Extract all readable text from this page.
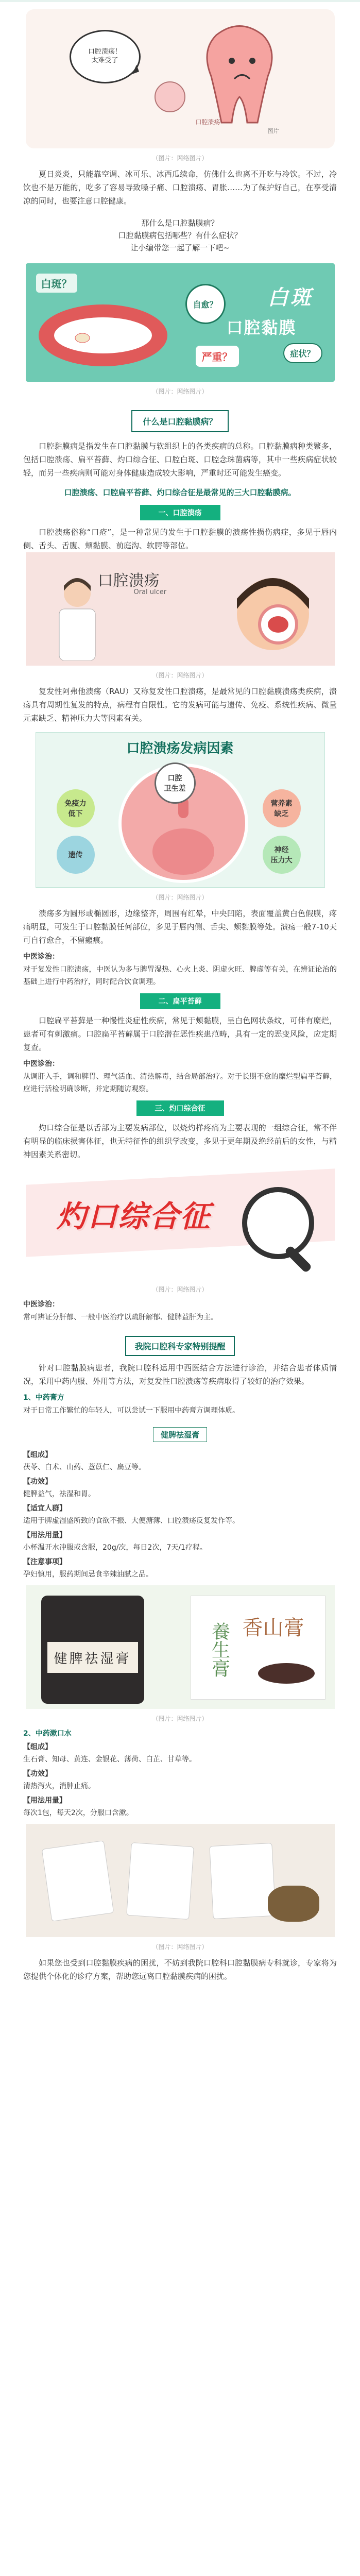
口腔溃疡！
太难受了
口腔溃疡
图片
（图片：网络图片）

夏日炎炎，只能靠空调、冰可乐、冰西瓜续命，仿佛什么也离不开吃与冷饮。不过，冷饮也不是万能的，吃多了容易导致嗓子痛、口腔溃疡、胃胀……为了保护好自己，在享受清凉的同时，也要注意口腔健康。

那什么是口腔黏膜病？
口腔黏膜病包括哪些？有什么症状？
让小编带您一起了解一下吧~
白斑？
自愈？	白斑
口腔黏膜
严重？	症状？
（图片：网络图片）
什么是口腔黏膜病？

口腔黏膜病是指发生在口腔黏膜与软组织上的各类疾病的总称。口腔黏膜病种类繁多，包括口腔溃疡、扁平苔藓、灼口综合征、口腔白斑、口腔念珠菌病等，其中一些疾病症状较轻，而另一些疾病则可能对身体健康造成较大影响，严重时还可能发生癌变。

口腔溃疡、口腔扁平苔藓、灼口综合征是最常见的三大口腔黏膜病。
一、口腔溃疡

口腔溃疡俗称“口疮”，是一种常见的发生于口腔黏膜的溃疡性损伤病症，多见于唇内侧、舌头、舌腹、颊黏膜、前庭沟、软腭等部位。

口腔溃疡
Oral ulcer
（图片：网络图片）

复发性阿弗他溃疡（RAU）又称复发性口腔溃疡，是最常见的口腔黏膜溃疡类疾病，溃疡具有周期性复发的特点，病程有自限性。它的发病可能与遗传、免疫、系统性疾病、微量元素缺乏、精神压力大等因素有关。

口腔溃疡发病因素
口腔
卫生差
免疫力
低下
营养素
缺乏
遗传
神经
压力大
（图片：网络图片）

溃疡多为圆形或椭圆形，边缘整齐，周围有红晕，中央凹陷，表面覆盖黄白色假膜，疼痛明显，可发生于口腔黏膜任何部位，多见于唇内侧、舌尖、颊黏膜等处。溃疡一般7-10天可自行愈合，不留瘢痕。

中医诊治：

对于复发性口腔溃疡，中医认为多与脾胃湿热、心火上炎、阴虚火旺、脾虚等有关，在辨证论治的基础上进行中药治疗，同时配合饮食调理。

二、扁平苔藓

口腔扁平苔藓是一种慢性炎症性疾病，常见于颊黏膜，呈白色网状条纹，可伴有糜烂，患者可有刺激痛。口腔扁平苔藓属于口腔潜在恶性疾患范畴，具有一定的恶变风险，应定期复查。

中医诊治：

从调肝入手，调和脾胃、理气活血、清热解毒，结合局部治疗。对于长期不愈的糜烂型扁平苔藓，应进行活检明确诊断，并定期随访观察。

三、灼口综合征

灼口综合征是以舌部为主要发病部位，以烧灼样疼痛为主要表现的一组综合征，常不伴有明显的临床损害体征，也无特征性的组织学改变，多见于更年期及绝经前后的女性，与精神因素关系密切。

灼口综合征
（图片：网络图片）
中医诊治：

常可辨证分肝郁、一般中医治疗以疏肝解郁、健脾益肝为主。

我院口腔科专家特别提醒

针对口腔黏膜病患者，我院口腔科运用中西医结合方法进行诊治，并结合患者体质情况，采用中药内服、外用等方法，对复发性口腔溃疡等疾病取得了较好的治疗效果。

1、中药膏方

对于日常工作繁忙的年轻人，可以尝试一下服用中药膏方调理体质。

健脾祛湿膏
【组成】
茯苓、白术、山药、薏苡仁、扁豆等。
【功效】
健脾益气，祛湿和胃。
【适宜人群】
适用于脾虚湿盛所致的食欲不振、大便溏薄、口腔溃疡反复发作等。
【用法用量】
小杯温开水冲服或含服，20g/次，每日2次，7天/1疗程。
【注意事项】
孕妇慎用，服药期间忌食辛辣油腻之品。
健脾祛湿膏	養生膏 香山膏
（图片：网络图片）
2、中药漱口水
【组成】
生石膏、知母、黄连、金银花、薄荷、白芷、甘草等。
【功效】
清热泻火，消肿止痛。
【用法用量】
每次1包，每天2次，分服口含漱。
（图片：网络图片）

如果您也受到口腔黏膜疾病的困扰，不妨到我院口腔科口腔黏膜病专科就诊，专家将为您提供个体化的诊疗方案，帮助您远离口腔黏膜疾病的困扰。
